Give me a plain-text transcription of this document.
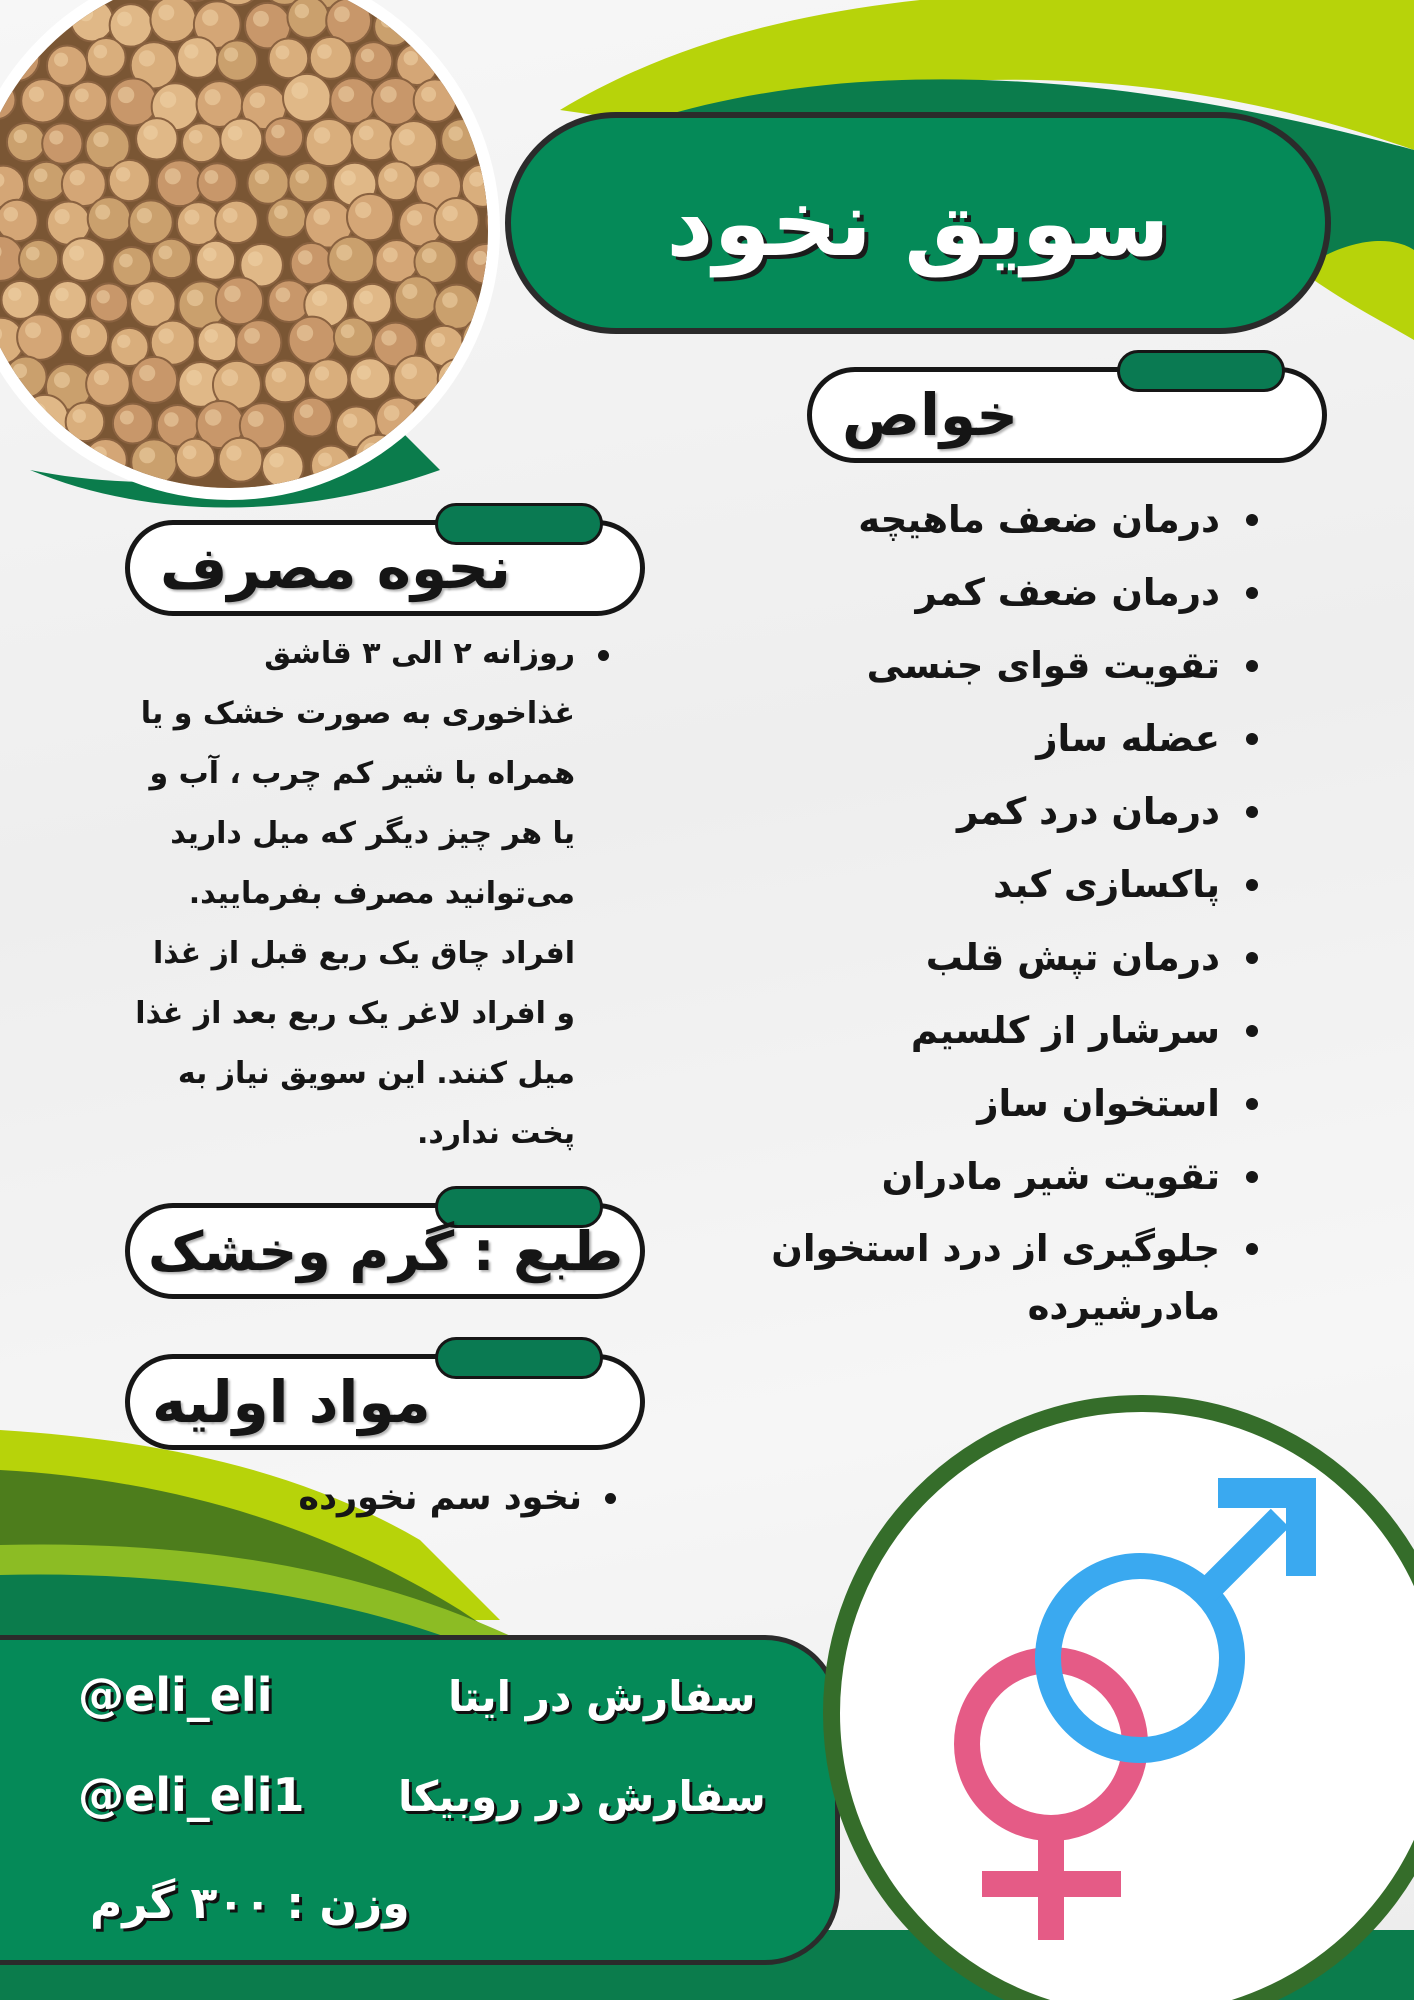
سویق نخود
خواص
درمان ضعف ماهیچه
درمان ضعف کمر
تقویت قوای جنسی
عضله ساز
درمان درد کمر
پاکسازی کبد
درمان تپش قلب
سرشار از کلسیم
استخوان ساز
تقویت شیر مادران
جلوگیری از درد استخوان مادرشیرده
نحوه مصرف
روزانه ۲ الی ۳ قاشق غذاخوری به صورت خشک و یا همراه با شیر کم چرب ، آب و یا هر چیز دیگر که میل دارید می‌توانید مصرف بفرمایید. افراد چاق یک ربع قبل از غذا و افراد لاغر یک ربع بعد از غذا میل کنند. این سویق نیاز به پخت ندارد.
طبع : گرم وخشک
مواد اولیه
نخود سم نخورده
سفارش در ایتا
@eli_eli
سفارش در روبیکا
@eli_eli1
وزن : ۳۰۰ گرم
